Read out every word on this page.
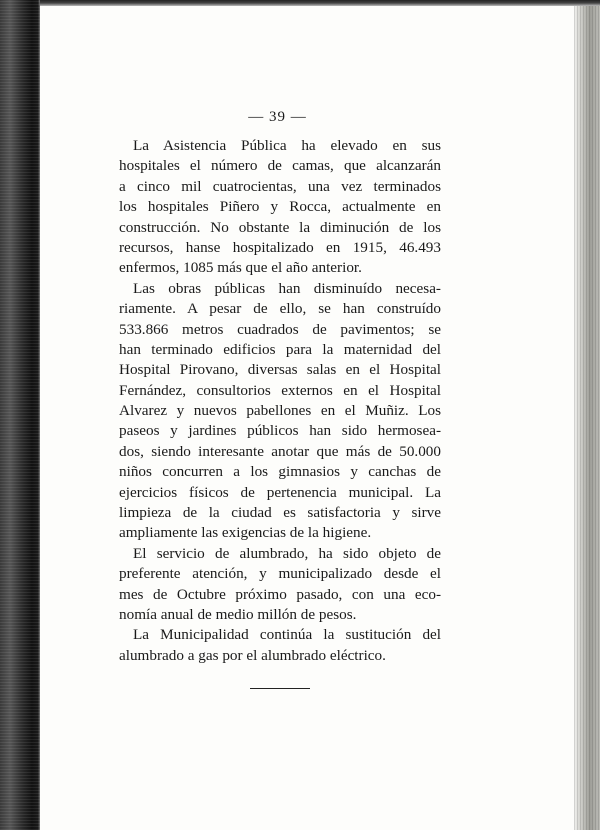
— 39 —
La Asistencia Pública ha elevado en sus
hospitales el número de camas, que alcanzarán
a cinco mil cuatrocientas, una vez terminados
los hospitales Piñero y Rocca, actualmente en
construcción. No obstante la diminución de los
recursos, hanse hospitalizado en 1915, 46.493
enfermos, 1085 más que el año anterior.
Las obras públicas han disminuído necesa-
riamente. A pesar de ello, se han construído
533.866 metros cuadrados de pavimentos; se
han terminado edificios para la maternidad del
Hospital Pirovano, diversas salas en el Hospital
Fernández, consultorios externos en el Hospital
Alvarez y nuevos pabellones en el Muñiz. Los
paseos y jardines públicos han sido hermosea-
dos, siendo interesante anotar que más de 50.000
niños concurren a los gimnasios y canchas de
ejercicios físicos de pertenencia municipal. La
limpieza de la ciudad es satisfactoria y sirve
ampliamente las exigencias de la higiene.
El servicio de alumbrado, ha sido objeto de
preferente atención, y municipalizado desde el
mes de Octubre próximo pasado, con una eco-
nomía anual de medio millón de pesos.
La Municipalidad continúa la sustitución del
alumbrado a gas por el alumbrado eléctrico.
